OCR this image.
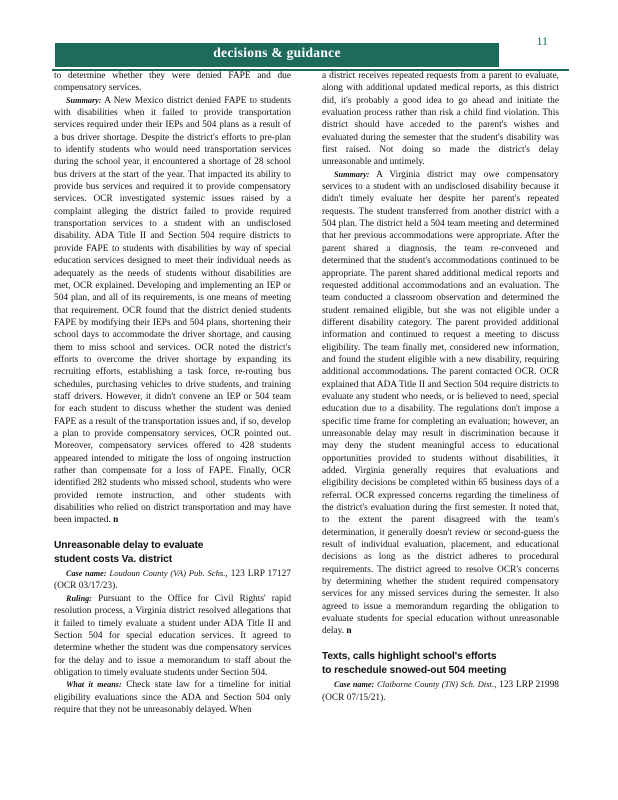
decisions & guidance
11

to determine whether they were denied FAPE and due compensatory services.

Summary: A New Mexico district denied FAPE to students with disabilities when it failed to provide transportation services required under their IEPs and 504 plans as a result of a bus driver shortage. Despite the district's efforts to pre-plan to identify students who would need transportation services during the school year, it encountered a shortage of 28 school bus drivers at the start of the year. That impacted its ability to provide bus services and required it to provide compensatory services. OCR investigated systemic issues raised by a complaint alleging the district failed to provide required transportation services to a student with an undisclosed disability. ADA Title II and Section 504 require districts to provide FAPE to students with disabilities by way of special education services designed to meet their individual needs as adequately as the needs of students without disabilities are met, OCR explained. Developing and implementing an IEP or 504 plan, and all of its requirements, is one means of meeting that requirement. OCR found that the district denied students FAPE by modifying their IEPs and 504 plans, shortening their school days to accommodate the driver shortage, and causing them to miss school and services. OCR noted the district's efforts to overcome the driver shortage by expanding its recruiting efforts, establishing a task force, re-routing bus schedules, purchasing vehicles to drive students, and training staff drivers. However, it didn't convene an IEP or 504 team for each student to discuss whether the student was denied FAPE as a result of the transportation issues and, if so, develop a plan to provide compensatory services, OCR pointed out. Moreover, compensatory services offered to 428 students appeared intended to mitigate the loss of ongoing instruction rather than compensate for a loss of FAPE. Finally, OCR identified 282 students who missed school, students who were provided remote instruction, and other students with disabilities who relied on district transportation and may have been impacted. n

Unreasonable delay to evaluate
student costs Va. district

Case name: Loudoun County (VA) Pub. Schs., 123 LRP 17127 (OCR 03/17/23).

Ruling: Pursuant to the Office for Civil Rights' rapid resolution process, a Virginia district resolved allegations that it failed to timely evaluate a student under ADA Title II and Section 504 for special education services. It agreed to determine whether the student was due compensatory services for the delay and to issue a memorandum to staff about the obligation to timely evaluate students under Section 504.

What it means: Check state law for a timeline for initial eligibility evaluations since the ADA and Section 504 only require that they not be unreasonably delayed. When

a district receives repeated requests from a parent to evaluate, along with additional updated medical reports, as this district did, it's probably a good idea to go ahead and initiate the evaluation process rather than risk a child find violation. This district should have acceded to the parent's wishes and evaluated during the semester that the student's disability was first raised. Not doing so made the district's delay unreasonable and untimely.

Summary: A Virginia district may owe compensatory services to a student with an undisclosed disability because it didn't timely evaluate her despite her parent's repeated requests. The student transferred from another district with a 504 plan. The district held a 504 team meeting and determined that her previous accommodations were appropriate. After the parent shared a diagnosis, the team re-convened and determined that the student's accommodations continued to be appropriate. The parent shared additional medical reports and requested additional accommodations and an evaluation. The team conducted a classroom observation and determined the student remained eligible, but she was not eligible under a different disability category. The parent provided additional information and continued to request a meeting to discuss eligibility. The team finally met, considered new information, and found the student eligible with a new disability, requiring additional accommodations. The parent contacted OCR. OCR explained that ADA Title II and Section 504 require districts to evaluate any student who needs, or is believed to need, special education due to a disability. The regulations don't impose a specific time frame for completing an evaluation; however, an unreasonable delay may result in discrimination because it may deny the student meaningful access to educational opportunities provided to students without disabilities, it added. Virginia generally requires that evaluations and eligibility decisions be completed within 65 business days of a referral. OCR expressed concerns regarding the timeliness of the district's evaluation during the first semester. It noted that, to the extent the parent disagreed with the team's determination, it generally doesn't review or second-guess the result of individual evaluation, placement, and educational decisions as long as the district adheres to procedural requirements. The district agreed to resolve OCR's concerns by determining whether the student required compensatory services for any missed services during the semester. It also agreed to issue a memorandum regarding the obligation to evaluate students for special education without unreasonable delay. n

Texts, calls highlight school's efforts
to reschedule snowed-out 504 meeting

Case name: Claiborne County (TN) Sch. Dist., 123 LRP 21998 (OCR 07/15/21).
